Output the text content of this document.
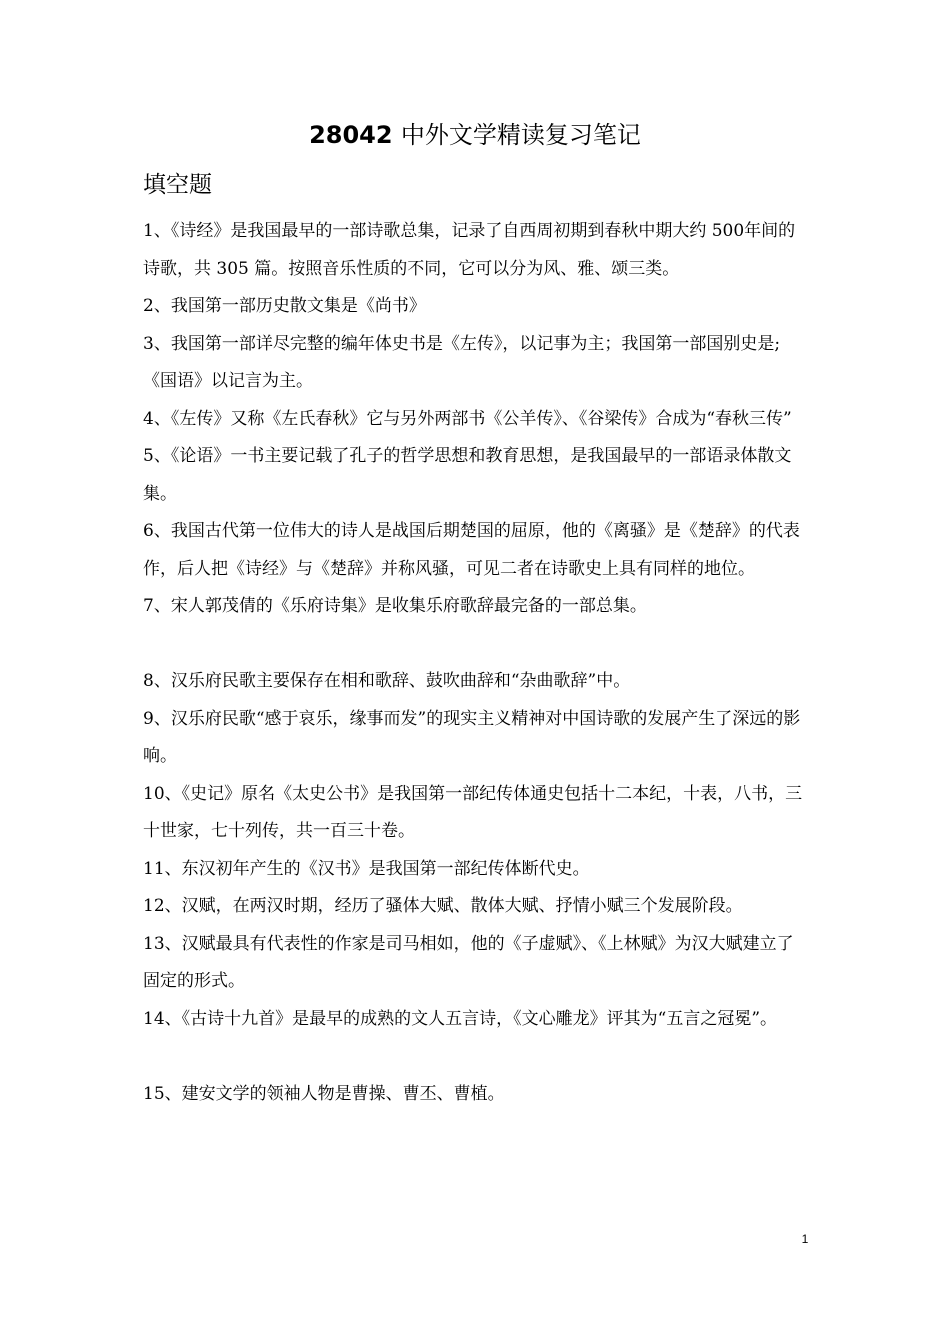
28042 中外文学精读复习笔记
填空题
1、《诗经》是我国最早的一部诗歌总集，记录了自西周初期到春秋中期大约 500年间的诗歌，共 305 篇。按照音乐性质的不同，它可以分为风、雅、颂三类。
2、我国第一部历史散文集是《尚书》
3、我国第一部详尽完整的编年体史书是《左传》，以记事为主；我国第一部国别史是;《国语》以记言为主。
4、《左传》又称《左氏春秋》它与另外两部书《公羊传》、《谷梁传》合成为“春秋三传”
5、《论语》一书主要记载了孔子的哲学思想和教育思想，是我国最早的一部语录体散文集。
6、我国古代第一位伟大的诗人是战国后期楚国的屈原，他的《离骚》是《楚辞》的代表作，后人把《诗经》与《楚辞》并称风骚，可见二者在诗歌史上具有同样的地位。
7、宋人郭茂倩的《乐府诗集》是收集乐府歌辞最完备的一部总集。
8、汉乐府民歌主要保存在相和歌辞、鼓吹曲辞和“杂曲歌辞”中。
9、汉乐府民歌“感于哀乐，缘事而发”的现实主义精神对中国诗歌的发展产生了深远的影响。
10、《史记》原名《太史公书》是我国第一部纪传体通史包括十二本纪，十表，八书，三十世家，七十列传，共一百三十卷。
11、东汉初年产生的《汉书》是我国第一部纪传体断代史。
12、汉赋，在两汉时期，经历了骚体大赋、散体大赋、抒情小赋三个发展阶段。
13、汉赋最具有代表性的作家是司马相如，他的《子虚赋》、《上林赋》为汉大赋建立了固定的形式。
14、《古诗十九首》是最早的成熟的文人五言诗，《文心雕龙》评其为“五言之冠冕”。
15、建安文学的领袖人物是曹操、曹丕、曹植。
1
